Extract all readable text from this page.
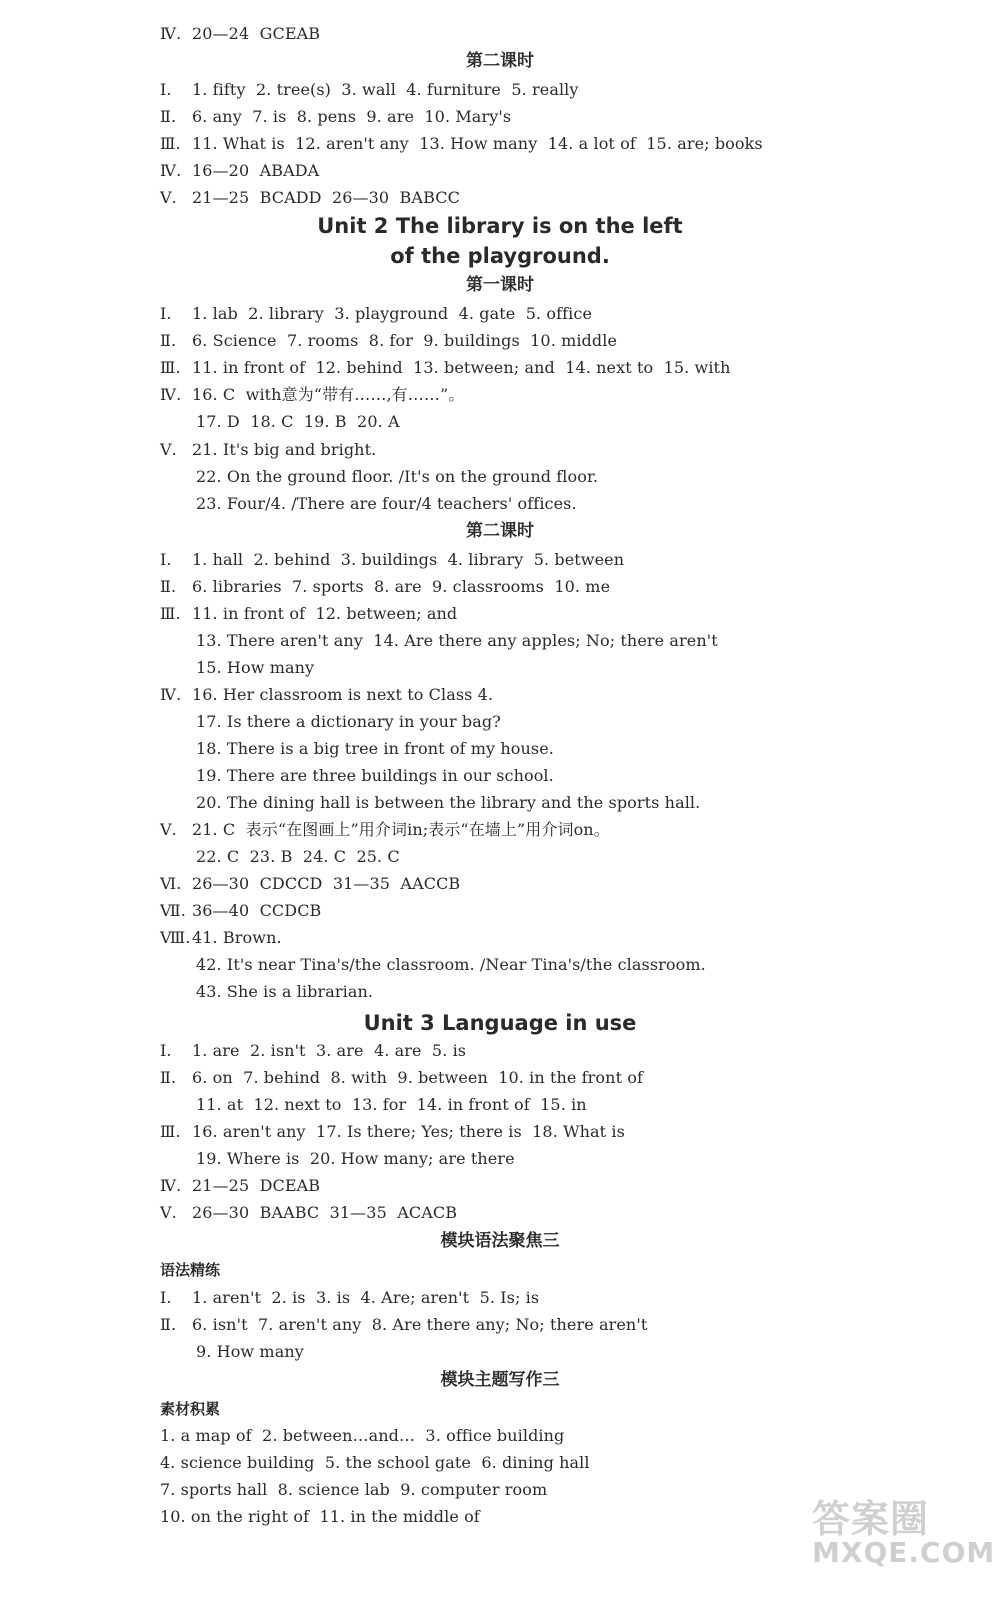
Ⅳ. 20—24  GCEAB
第二课时
Ⅰ. 1. fifty  2. tree(s)  3. wall  4. furniture  5. really
Ⅱ. 6. any  7. is  8. pens  9. are  10. Mary's
Ⅲ. 11. What is  12. aren't any  13. How many  14. a lot of  15. are; books
Ⅳ. 16—20  ABADA
Ⅴ. 21—25  BCADD  26—30  BABCC
Unit 2 The library is on the left
of the playground.
第一课时
Ⅰ. 1. lab  2. library  3. playground  4. gate  5. office
Ⅱ. 6. Science  7. rooms  8. for  9. buildings  10. middle
Ⅲ. 11. in front of  12. behind  13. between; and  14. next to  15. with
Ⅳ. 16. C  with意为“带有……,有……”。
17. D  18. C  19. B  20. A
Ⅴ. 21. It's big and bright.
22. On the ground floor. /It's on the ground floor.
23. Four/4. /There are four/4 teachers' offices.
第二课时
Ⅰ. 1. hall  2. behind  3. buildings  4. library  5. between
Ⅱ. 6. libraries  7. sports  8. are  9. classrooms  10. me
Ⅲ. 11. in front of  12. between; and
13. There aren't any  14. Are there any apples; No; there aren't
15. How many
Ⅳ. 16. Her classroom is next to Class 4.
17. Is there a dictionary in your bag?
18. There is a big tree in front of my house.
19. There are three buildings in our school.
20. The dining hall is between the library and the sports hall.
Ⅴ. 21. C  表示“在图画上”用介词in;表示“在墙上”用介词on。
22. C  23. B  24. C  25. C
Ⅵ. 26—30  CDCCD  31—35  AACCB
Ⅶ. 36—40  CCDCB
Ⅷ.41. Brown.
42. It's near Tina's/the classroom. /Near Tina's/the classroom.
43. She is a librarian.
Unit 3 Language in use
Ⅰ. 1. are  2. isn't  3. are  4. are  5. is
Ⅱ. 6. on  7. behind  8. with  9. between  10. in the front of
11. at  12. next to  13. for  14. in front of  15. in
Ⅲ. 16. aren't any  17. Is there; Yes; there is  18. What is
19. Where is  20. How many; are there
Ⅳ. 21—25  DCEAB
Ⅴ. 26—30  BAABC  31—35  ACACB
模块语法聚焦三
语法精练
Ⅰ. 1. aren't  2. is  3. is  4. Are; aren't  5. Is; is
Ⅱ. 6. isn't  7. aren't any  8. Are there any; No; there aren't
9. How many
模块主题写作三
素材积累
1. a map of  2. between…and…  3. office building
4. science building  5. the school gate  6. dining hall
7. sports hall  8. science lab  9. computer room
10. on the right of  11. in the middle of	答案圈
MXQE.COM
